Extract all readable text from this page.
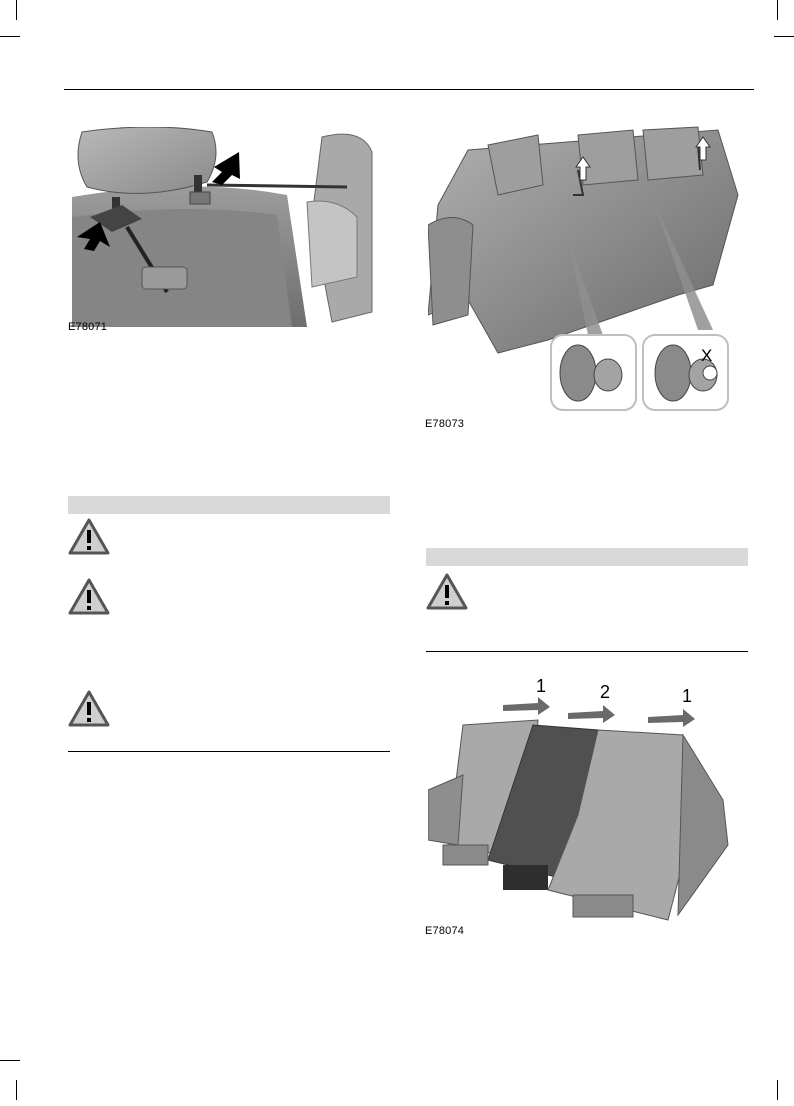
E78071
X
E78073
1	2	1
E78074
